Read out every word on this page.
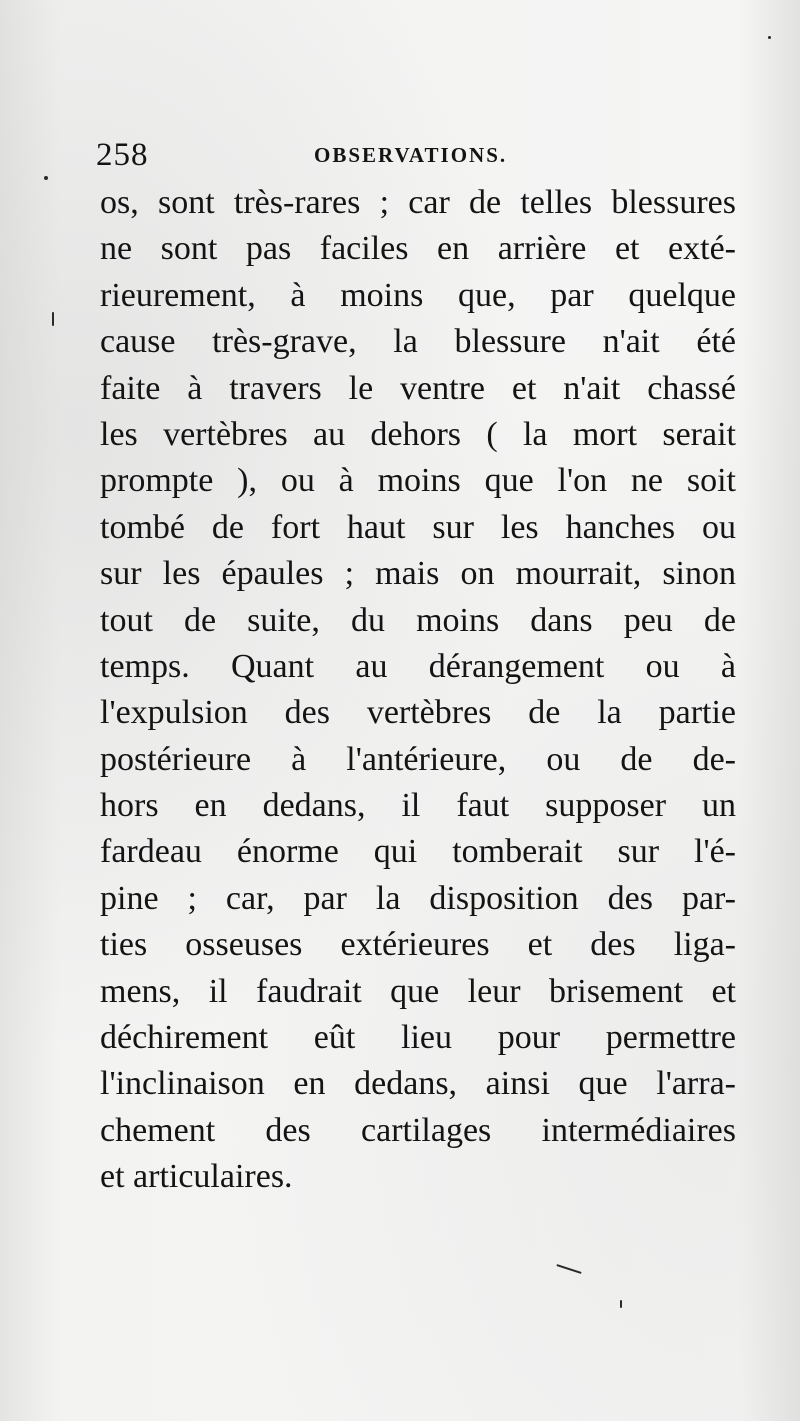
258	OBSERVATIONS.
os, sont très-rares ; car de telles blessures
ne sont pas faciles en arrière et exté-
rieurement, à moins que, par quelque
cause très-grave, la blessure n'ait été
faite à travers le ventre et n'ait chassé
les vertèbres au dehors ( la mort serait
prompte ), ou à moins que l'on ne soit
tombé de fort haut sur les hanches ou
sur les épaules ; mais on mourrait, sinon
tout de suite, du moins dans peu de
temps. Quant au dérangement ou à
l'expulsion des vertèbres de la partie
postérieure à l'antérieure, ou de de-
hors en dedans, il faut supposer un
fardeau énorme qui tomberait sur l'é-
pine ; car, par la disposition des par-
ties osseuses extérieures et des liga-
mens, il faudrait que leur brisement et
déchirement eût lieu pour permettre
l'inclinaison en dedans, ainsi que l'arra-
chement des cartilages intermédiaires
et articulaires.
